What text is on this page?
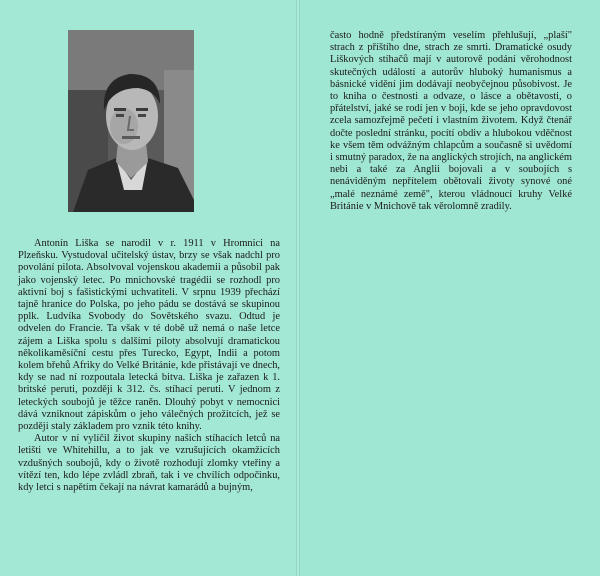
Antonín Liška se narodil v r. 1911 v Hromnici na Plzeňsku. Vystudoval učitelský ústav, brzy se však nadchl pro povolání pilota. Absolvoval vojenskou akademii a působil pak jako vojenský letec. Po mnichovské tragédii se rozhodl pro aktivní boj s fašistickými uchvatiteli. V srpnu 1939 přechází tajně hranice do Polska, po jeho pádu se dostává se skupinou pplk. Ludvíka Svobody do Sovětského svazu. Odtud je odvelen do Francie. Ta však v té době už nemá o naše letce zájem a Liška spolu s dalšími piloty absolvují dramatickou několikaměsíční cestu přes Turecko, Egypt, Indii a potom kolem břehů Afriky do Velké Británie, kde přistávají ve dnech, kdy se nad ní rozpoutala letecká bitva. Liška je zařazen k 1. britské peruti, později k 312. čs. stíhací peruti. V jednom z leteckých soubojů je těžce raněn. Dlouhý pobyt v nemocnici dává vzniknout zápiskům o jeho válečných prožitcích, jež se později staly základem pro vznik této knihy.

Autor v ní vylíčil život skupiny našich stíhacích letců na letišti ve Whitehillu, a to jak ve vzrušujících okamžicích vzdušných soubojů, kdy o životě rozhodují zlomky vteřiny a vítězí ten, kdo lépe zvládl zbraň, tak i ve chvílích odpočinku, kdy letci s napětím čekají na návrat kamarádů a bujným,

často hodně předstíraným veselím přehlušují, „plaší" strach z příštího dne, strach ze smrti. Dramatické osudy Liškových stíhačů mají v autorově podání věrohodnost skutečných událostí a autorův hluboký humanismus a básnické vidění jim dodávají neobyčejnou působivost. Je to kniha o čestnosti a odvaze, o lásce a obětavosti, o přátelství, jaké se rodí jen v boji, kde se jeho opravdovost zcela samozřejmě pečetí i vlastním životem. Když čtenář dočte poslední stránku, pocítí obdiv a hlubokou vděčnost ke všem těm odvážným chlapcům a současně si uvědomí i smutný paradox, že na anglických strojích, na anglickém nebi a také za Anglii bojovali a v soubojích s nenáviděným nepřítelem obětovali životy synové oné „malé neznámé země", kterou vládnoucí kruhy Velké Británie v Mnichově tak věrolomně zradily.
